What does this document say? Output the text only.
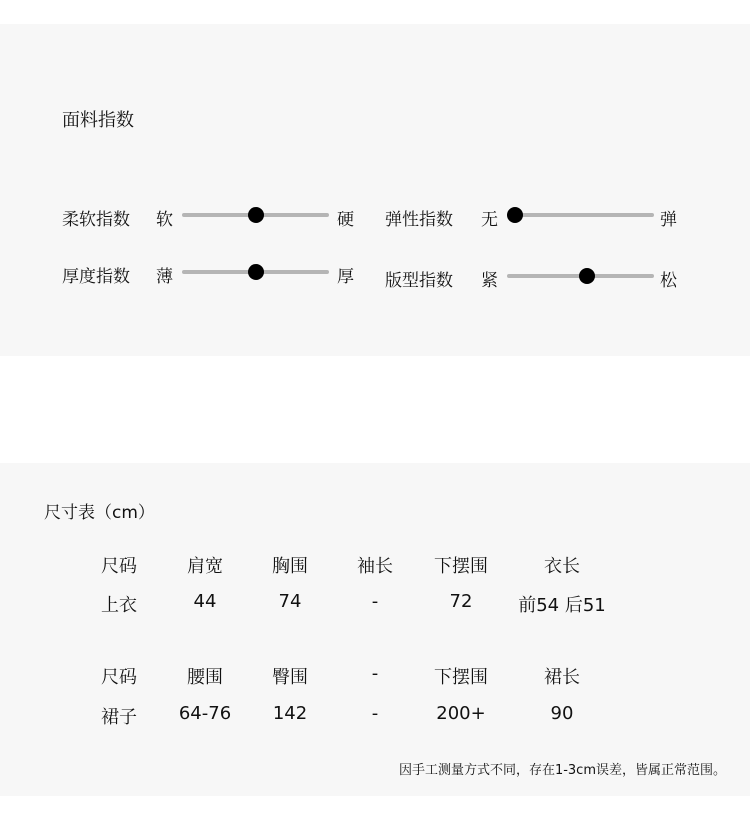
面料指数
柔软指数 软	硬 弹性指数 无	弹
厚度指数 薄	厚 版型指数 紧	松
尺寸表（cm）
尺码	肩宽	胸围	袖长 下摆围	衣长
上衣	44	74	-	72	前54 后51
尺码	腰围	臀围	-	下摆围	裙长
裙子 64-76 142	-	200+	90
因手工测量方式不同，存在1-3cm误差，皆属正常范围。
